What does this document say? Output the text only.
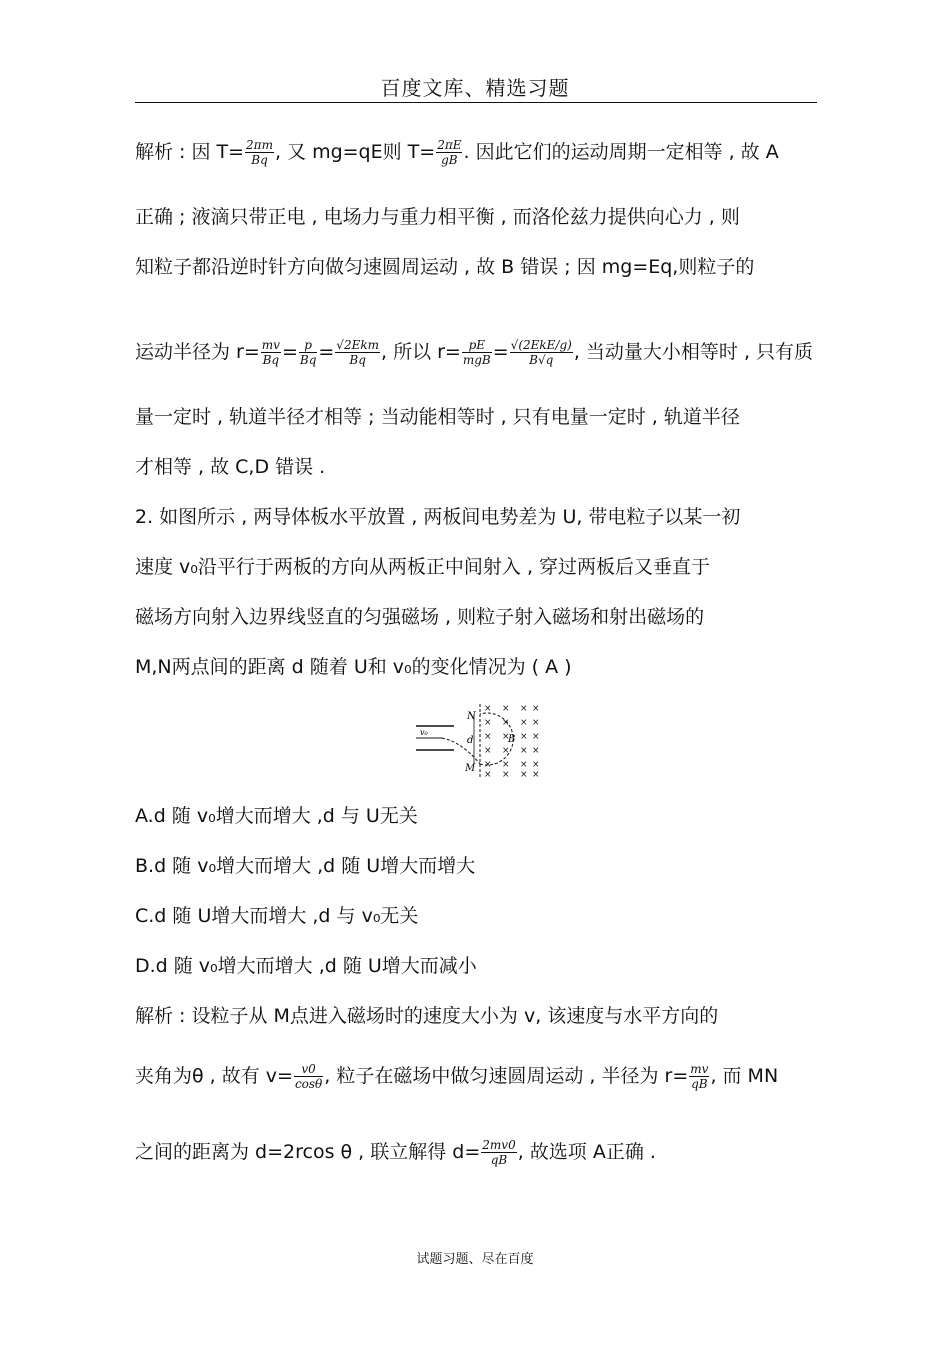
百度文库、精选习题
解析 : 因 $T= \frac{2\pi m}{Bq}$ , 又 mg=qE则 $T= \frac{2\pi E}{gB}$ . 因此它们的运动周期一定相等 , 故 A
正确 ; 液滴只带正电 , 电场力与重力相平衡 , 而洛伦兹力提供向心力 , 则
知粒子都沿逆时针方向做匀速圆周运动 , 故 B 错误 ; 因 mg=Eq,则粒子的
运动半径为 $r= \frac{mv}{Bq} = \frac{p}{Bq} = \frac{\text{√2Ekm}}{Bq}$ , 所以 $r= \frac{pE}{\text{mgB}} = \frac{\text{√(2EkE/g)}}{B√q}$ , 当动量大小相等时 , 只有质
量一定时 , 轨道半径才相等 ; 当动能相等时 , 只有电量一定时 , 轨道半径
才相等 , 故 C,D 错误 .
2. 如图所示 , 两导体板水平放置 , 两板间电势差为 U, 带电粒子以某一初
速度 v₀沿平行于两板的方向从两板正中间射入 , 穿过两板后又垂直于
磁场方向射入边界线竖直的匀强磁场 , 则粒子射入磁场和射出磁场的
M,N两点间的距离 d 随着 U和 v₀的变化情况为 ( A )
v₀
N
d
M
B
×
×
×
×
×
×
×
×
×
×
×
×
×
×
×
×
×
×
×
×
×
×
×
×
A.d 随 v₀增大而增大 ,d 与 U无关
B.d 随 v₀增大而增大 ,d 随 U增大而增大
C.d 随 U增大而增大 ,d 与 v₀无关
D.d 随 v₀增大而增大 ,d 随 U增大而减小
解析 : 设粒子从 M点进入磁场时的速度大小为 v, 该速度与水平方向的
夹角为θ , 故有 $v= \frac{v0}{\cos\theta}$ , 粒子在磁场中做匀速圆周运动 , 半径为 $r= \frac{mv}{qB}$ , 而 MN
之间的距离为 d=2rcos θ , 联立解得 $d= \frac{2mv0}{qB}$ , 故选项 A正确 .
试题习题、尽在百度
